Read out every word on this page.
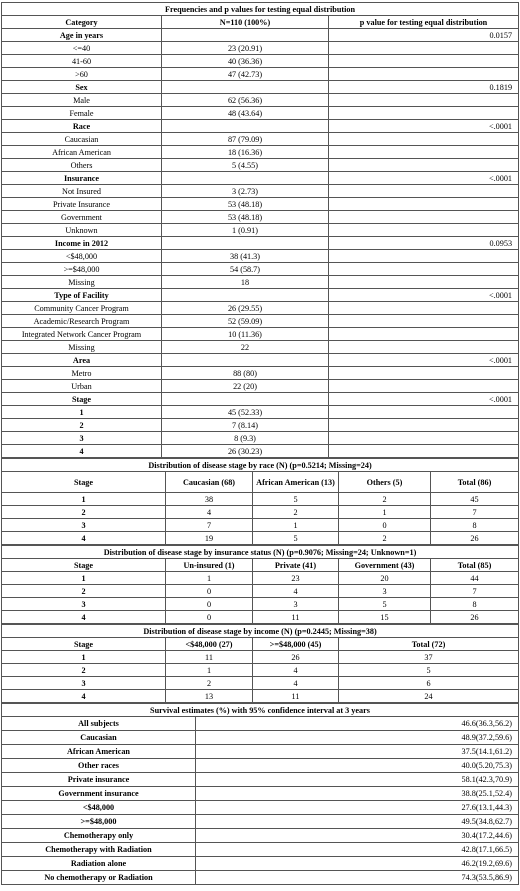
Frequencies and p values for testing equal distribution		
Category	N=110 (100%)	p value for testing equal distribution
Age in years		0.0157
<=40	23 (20.91)	
41-60	40 (36.36)	
>60	47 (42.73)	
Sex		0.1819
Male	62 (56.36)	
Female	48 (43.64)	
Race		<.0001
Caucasian	87 (79.09)	
African American	18 (16.36)	
Others	5 (4.55)	
Insurance		<.0001
Not Insured	3 (2.73)	
Private Insurance	53 (48.18)	
Government	53 (48.18)	
Unknown	1 (0.91)	
Income in 2012		0.0953
<$48,000	38 (41.3)	
>=$48,000	54 (58.7)	
Missing	18	
Type of Facility		<.0001
Community Cancer Program	26 (29.55)	
Academic/Research Program	52 (59.09)	
Integrated Network Cancer Program	10 (11.36)	
Missing	22	
Area		<.0001
Metro	88 (80)	
Urban	22 (20)	
Stage		<.0001
1	45 (52.33)	
2	7 (8.14)	
3	8 (9.3)	
4	26 (30.23)	
Distribution of disease stage by race (N) (p=0.5214; Missing=24)				
Stage	Caucasian (68)	African American (13)	Others (5)	Total (86)
1	38	5	2	45
2	4	2	1	7
3	7	1	0	8
4	19	5	2	26
Distribution of disease stage by insurance status (N) (p=0.9076; Missing=24; Unknown=1)				
Stage	Un-insured (1)	Private (41)	Government (43)	Total (85)
1	1	23	20	44
2	0	4	3	7
3	0	3	5	8
4	0	11	15	26
Distribution of disease stage by income (N) (p=0.2445; Missing=38)			
Stage	<$48,000 (27)	>=$48,000 (45)	Total (72)
1	11	26	37
2	1	4	5
3	2	4	6
4	13	11	24
Survival estimates (%) with 95% confidence interval at 3 years	
All subjects	46.6(36.3,56.2)
Caucasian	48.9(37.2,59.6)
African American	37.5(14.1,61.2)
Other races	40.0(5.20,75.3)
Private insurance	58.1(42.3,70.9)
Government insurance	38.8(25.1,52.4)
<$48,000	27.6(13.1,44.3)
>=$48,000	49.5(34.8,62.7)
Chemotherapy only	30.4(17.2,44.6)
Chemotherapy with Radiation	42.8(17.1,66.5)
Radiation alone	46.2(19.2,69.6)
No chemotherapy or Radiation	74.3(53.5,86.9)
